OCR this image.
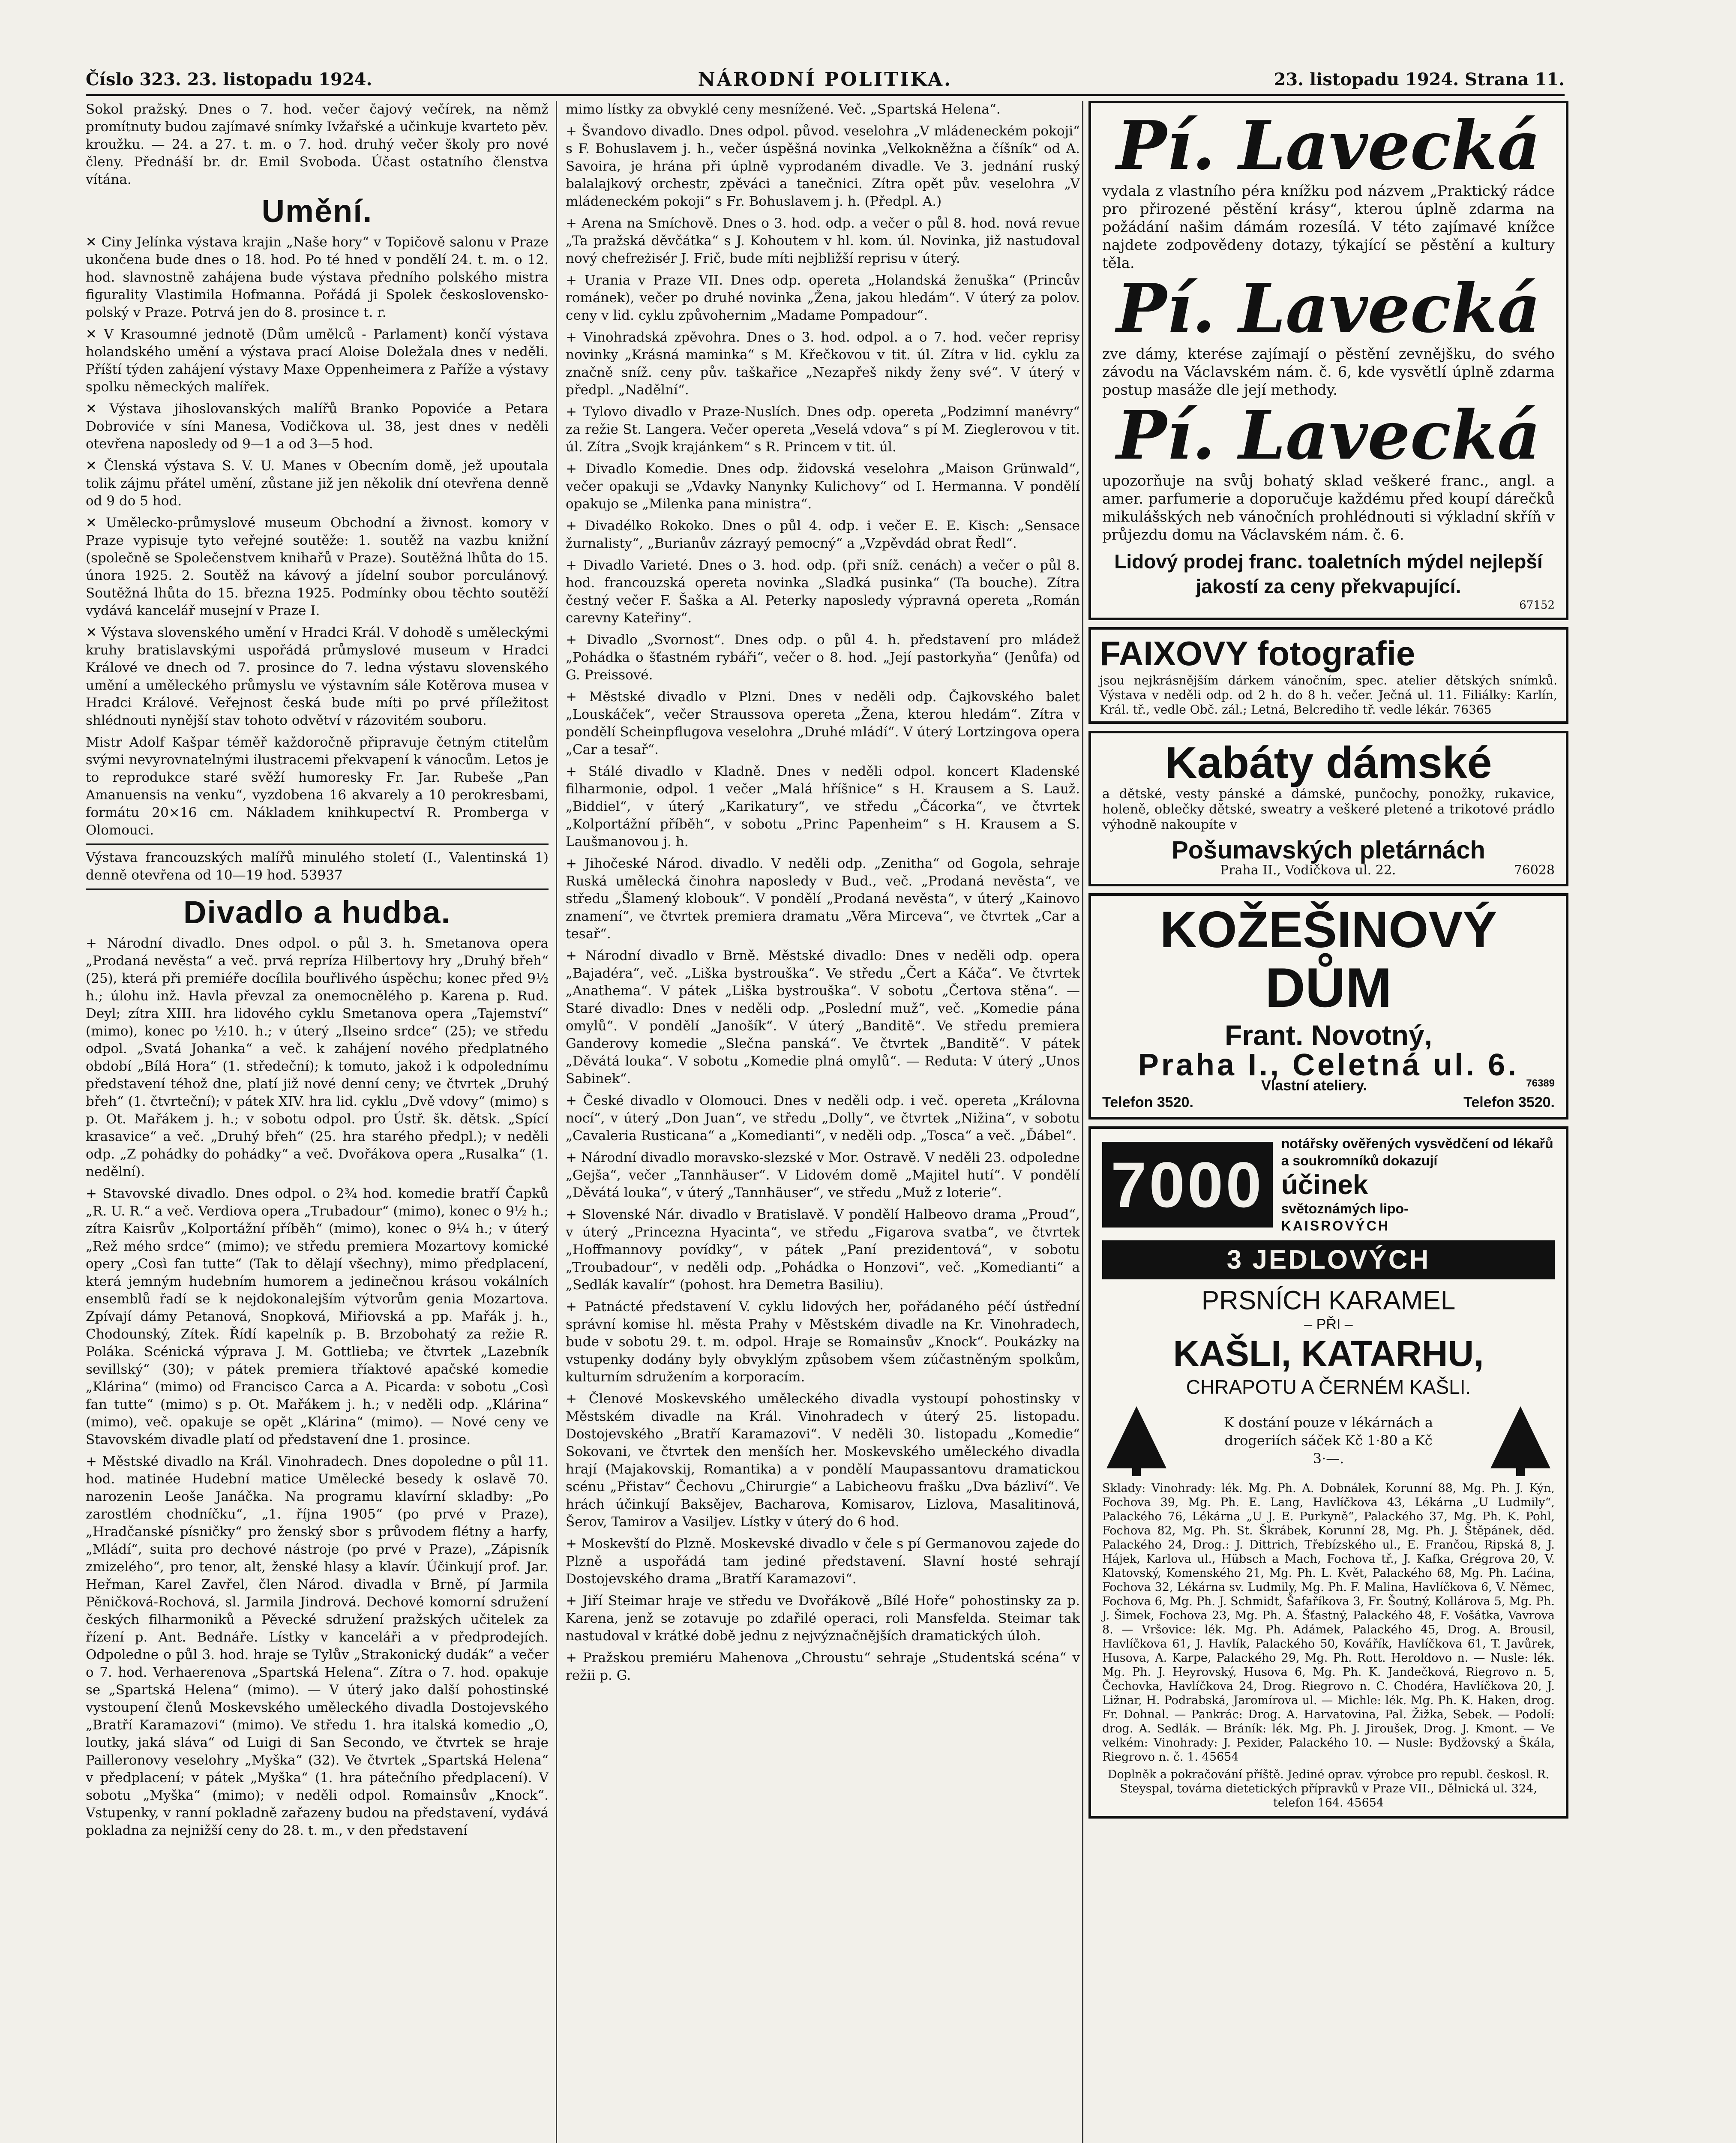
Číslo 323. 23. listopadu 1924.	NÁRODNÍ POLITIKA.	23. listopadu 1924. Strana 11.

Sokol pražský. Dnes o 7. hod. večer čajový večírek, na němž promítnuty budou zajímavé snímky Ivžařské a učinkuje kvarteto pěv. kroužku. — 24. a 27. t. m. o 7. hod. druhý večer školy pro nové členy. Přednáší br. dr. Emil Svoboda. Účast ostatního členstva vítána.

Umění.

✕ Ciny Jelínka výstava krajin „Naše hory“ v Topičově salonu v Praze ukončena bude dnes o 18. hod. Po té hned v pondělí 24. t. m. o 12. hod. slavnostně zahájena bude výstava předního polského mistra figurality Vlastimila Hofmanna. Pořádá ji Spolek československo-polský v Praze. Potrvá jen do 8. prosince t. r.

✕ V Krasoumné jednotě (Dům umělců - Parlament) končí výstava holandského umění a výstava prací Aloise Doležala dnes v neděli. Příští týden zahájení výstavy Maxe Oppenheimera z Paříže a výstavy spolku německých malířek.

✕ Výstava jihoslovanských malířů Branko Popoviće a Petara Dobroviće v síni Manesa, Vodičkova ul. 38, jest dnes v neděli otevřena naposledy od 9—1 a od 3—5 hod.

✕ Členská výstava S. V. U. Manes v Obecním domě, jež upoutala tolik zájmu přátel umění, zůstane již jen několik dní otevřena denně od 9 do 5 hod.

✕ Umělecko-průmyslové museum Obchodní a živnost. komory v Praze vypisuje tyto veřejné soutěže: 1. soutěž na vazbu knižní (společně se Společenstvem knihařů v Praze). Soutěžná lhůta do 15. února 1925. 2. Soutěž na kávový a jídelní soubor porculánový. Soutěžná lhůta do 15. března 1925. Podmínky obou těchto soutěží vydává kancelář musejní v Praze I.

✕ Výstava slovenského umění v Hradci Král. V dohodě s uměleckými kruhy bratislavskými uspořádá průmyslové museum v Hradci Králové ve dnech od 7. prosince do 7. ledna výstavu slovenského umění a uměleckého průmyslu ve výstavním sále Kotěrova musea v Hradci Králové. Veřejnost česká bude míti po prvé příležitost shlédnouti nynější stav tohoto odvětví v rázovitém souboru.

Mistr Adolf Kašpar téměř každoročně připravuje četným ctitelům svými nevyrovnatelnými ilustracemi překvapení k vánocům. Letos je to reprodukce staré svěží humoresky Fr. Jar. Rubeše „Pan Amanuensis na venku“, vyzdobena 16 akvarely a 10 perokresbami, formátu 20×16 cm. Nákladem knihkupectví R. Promberga v Olomouci.

Výstava francouzských malířů minulého století (I., Valentinská 1) denně otevřena od 10—19 hod. 53937

Divadlo a hudba.

+ Národní divadlo. Dnes odpol. o půl 3. h. Smetanova opera „Prodaná nevěsta“ a več. prvá repríza Hilbertovy hry „Druhý břeh“ (25), která při premiéře docílila bouřlivého úspěchu; konec před 9½ h.; úlohu inž. Havla převzal za onemocnělého p. Karena p. Rud. Deyl; zítra XIII. hra lidového cyklu Smetanova opera „Tajemství“ (mimo), konec po ½10. h.; v úterý „Ilseino srdce“ (25); ve středu odpol. „Svatá Johanka“ a več. k zahájení nového předplatného období „Bílá Hora“ (1. středeční); k tomuto, jakož i k odpolednímu představení téhož dne, platí již nové denní ceny; ve čtvrtek „Druhý břeh“ (1. čtvrteční); v pátek XIV. hra lid. cyklu „Dvě vdovy“ (mimo) s p. Ot. Mařákem j. h.; v sobotu odpol. pro Ústř. šk. dětsk. „Spící krasavice“ a več. „Druhý břeh“ (25. hra starého předpl.); v neděli odp. „Z pohádky do pohádky“ a več. Dvořákova opera „Rusalka“ (1. nedělní).

+ Stavovské divadlo. Dnes odpol. o 2¾ hod. komedie bratří Čapků „R. U. R.“ a več. Verdiova opera „Trubadour“ (mimo), konec o 9½ h.; zítra Kaisrův „Kolportážní příběh“ (mimo), konec o 9¼ h.; v úterý „Rež mého srdce“ (mimo); ve středu premiera Mozartovy komické opery „Così fan tutte“ (Tak to dělají všechny), mimo předplacení, která jemným hudebním humorem a jedinečnou krásou vokálních ensemblů řadí se k nejdokonalejším výtvorům genia Mozartova. Zpívají dámy Petanová, Snopková, Miřiovská a pp. Mařák j. h., Chodounský, Zítek. Řídí kapelník p. B. Brzobohatý za režie R. Poláka. Scénická výprava J. M. Gottlieba; ve čtvrtek „Lazebník sevillský“ (30); v pátek premiera tříaktové apačské komedie „Klárina“ (mimo) od Francisco Carca a A. Picarda: v sobotu „Così fan tutte“ (mimo) s p. Ot. Mařákem j. h.; v neděli odp. „Klárina“ (mimo), več. opakuje se opět „Klárina“ (mimo). — Nové ceny ve Stavovském divadle platí od představení dne 1. prosince.

+ Městské divadlo na Král. Vinohradech. Dnes dopoledne o půl 11. hod. matinée Hudební matice Umělecké besedy k oslavě 70. narozenin Leoše Janáčka. Na programu klavírní skladby: „Po zarostlém chodníčku“, „1. října 1905“ (po prvé v Praze), „Hradčanské písničky“ pro ženský sbor s průvodem flétny a harfy, „Mládí“, suita pro dechové nástroje (po prvé v Praze), „Zápisník zmizelého“, pro tenor, alt, ženské hlasy a klavír. Účinkují prof. Jar. Heřman, Karel Zavřel, člen Národ. divadla v Brně, pí Jarmila Pěničková-Rochová, sl. Jarmila Jindrová. Dechové komorní sdružení českých filharmoniků a Pěvecké sdružení pražských učitelek za řízení p. Ant. Bednáře. Lístky v kanceláři a v předprodejích. Odpoledne o půl 3. hod. hraje se Tylův „Strakonický dudák“ a večer o 7. hod. Verhaerenova „Spartská Helena“. Zítra o 7. hod. opakuje se „Spartská Helena“ (mimo). — V úterý jako další pohostinské vystoupení členů Moskevského uměleckého divadla Dostojevského „Bratří Karamazovi“ (mimo). Ve středu 1. hra italská komedio „O, loutky, jaká sláva“ od Luigi di San Secondo, ve čtvrtek se hraje Pailleronovy veselohry „Myška“ (32). Ve čtvrtek „Spartská Helena“ v předplacení; v pátek „Myška“ (1. hra pátečního předplacení). V sobotu „Myška“ (mimo); v neděli odpol. Romainsův „Knock“. Vstupenky, v ranní pokladně zařazeny budou na představení, vydává pokladna za nejnižší ceny do 28. t. m., v den představení

mimo lístky za obvyklé ceny mesnížené. Več. „Spartská Helena“.

+ Švandovo divadlo. Dnes odpol. původ. veselohra „V mládeneckém pokoji“ s F. Bohuslavem j. h., večer úspěšná novinka „Velkokněžna a číšník“ od A. Savoira, je hrána při úplně vyprodaném divadle. Ve 3. jednání ruský balalajkový orchestr, zpěváci a tanečnici. Zítra opět pův. veselohra „V mládeneckém pokoji“ s Fr. Bohuslavem j. h. (Předpl. A.)

+ Arena na Smíchově. Dnes o 3. hod. odp. a večer o půl 8. hod. nová revue „Ta pražská děvčátka“ s J. Kohoutem v hl. kom. úl. Novinka, již nastudoval nový chefreżisér J. Frič, bude míti nejbližší reprisu v úterý.

+ Urania v Praze VII. Dnes odp. opereta „Holandská ženuška“ (Princův románek), večer po druhé novinka „Žena, jakou hledám“. V úterý za polov. ceny v lid. cyklu způvohernim „Madame Pompadour“.

+ Vinohradská zpěvohra. Dnes o 3. hod. odpol. a o 7. hod. večer reprisy novinky „Krásná maminka“ s M. Křečkovou v tit. úl. Zítra v lid. cyklu za značně sníž. ceny pův. taškařice „Nezapřeš nikdy ženy své“. V úterý v předpl. „Nadělní“.

+ Tylovo divadlo v Praze-Nuslích. Dnes odp. opereta „Podzimní manévry“ za režie St. Langera. Večer opereta „Veselá vdova“ s pí M. Zieglerovou v tit. úl. Zítra „Svojk krajánkem“ s R. Princem v tit. úl.

+ Divadlo Komedie. Dnes odp. židovská veselohra „Maison Grünwald“, večer opakuji se „Vdavky Nanynky Kulichovy“ od I. Hermanna. V pondělí opakujo se „Milenka pana ministra“.

+ Divadélko Rokoko. Dnes o půl 4. odp. i večer E. E. Kisch: „Sensace žurnalisty“, „Burianův zázrayý pemocný“ a „Vzpěvdád obrat Ředl“.

+ Divadlo Varieté. Dnes o 3. hod. odp. (při sníž. cenách) a večer o půl 8. hod. francouzská opereta novinka „Sladká pusinka“ (Ta bouche). Zítra čestný večer F. Šaška a Al. Peterky naposledy výpravná opereta „Román carevny Kateřiny“.

+ Divadlo „Svornost“. Dnes odp. o půl 4. h. představení pro mládež „Pohádka o šťastném rybáři“, večer o 8. hod. „Její pastorkyňa“ (Jenůfa) od G. Preissové.

+ Městské divadlo v Plzni. Dnes v neděli odp. Čajkovského balet „Louskáček“, večer Straussova opereta „Žena, kterou hledám“. Zítra v pondělí Scheinpflugova veselohra „Druhé mládí“. V úterý Lortzingova opera „Car a tesař“.

+ Stálé divadlo v Kladně. Dnes v neděli odpol. koncert Kladenské filharmonie, odpol. 1 večer „Malá hříšnice“ s H. Krausem a S. Lauž. „Biddiel“, v úterý „Karikatury“, ve středu „Čácorka“, ve čtvrtek „Kolportážní příběh“, v sobotu „Princ Papenheim“ s H. Krausem a S. Laušmanovou j. h.

+ Jihočeské Národ. divadlo. V neděli odp. „Zenitha“ od Gogola, sehraje Ruská umělecká činohra naposledy v Bud., več. „Prodaná nevěsta“, ve středu „Šlamený klobouk“. V pondělí „Prodaná nevěsta“, v úterý „Kainovo znamení“, ve čtvrtek premiera dramatu „Věra Mirceva“, ve čtvrtek „Car a tesař“.

+ Národní divadlo v Brně. Městské divadlo: Dnes v neděli odp. opera „Bajadéra“, več. „Liška bystrouška“. Ve středu „Čert a Káča“. Ve čtvrtek „Anathema“. V pátek „Liška bystrouška“. V sobotu „Čertova stěna“. — Staré divadlo: Dnes v neděli odp. „Poslední muž“, več. „Komedie pána omylů“. V pondělí „Janošík“. V úterý „Banditě“. Ve středu premiera Ganderovy komedie „Slečna panská“. Ve čtvrtek „Banditě“. V pátek „Děvátá louka“. V sobotu „Komedie plná omylů“. — Reduta: V úterý „Unos Sabinek“.

+ České divadlo v Olomouci. Dnes v neděli odp. i več. opereta „Královna nocí“, v úterý „Don Juan“, ve středu „Dolly“, ve čtvrtek „Nižina“, v sobotu „Cavaleria Rusticana“ a „Komedianti“, v neděli odp. „Tosca“ a več. „Ďábel“.

+ Národní divadlo moravsko-slezské v Mor. Ostravě. V neděli 23. odpoledne „Gejša“, večer „Tannhäuser“. V Lidovém domě „Majitel hutí“. V pondělí „Děvátá louka“, v úterý „Tannhäuser“, ve středu „Muž z loterie“.

+ Slovenské Nár. divadlo v Bratislavě. V pondělí Halbeovo drama „Proud“, v úterý „Princezna Hyacinta“, ve středu „Figarova svatba“, ve čtvrtek „Hoffmannovy povídky“, v pátek „Paní prezidentová“, v sobotu „Troubadour“, v neděli odp. „Pohádka o Honzovi“, več. „Komedianti“ a „Sedlák kavalír“ (pohost. hra Demetra Basiliu).

+ Patnácté představení V. cyklu lidových her, pořádaného péčí ústřední správní komise hl. města Prahy v Městském divadle na Kr. Vinohradech, bude v sobotu 29. t. m. odpol. Hraje se Romainsův „Knock“. Poukázky na vstupenky dodány byly obvyklým způsobem všem zúčastněným spolkům, kulturním sdružením a korporacím.

+ Členové Moskevského uměleckého divadla vystoupí pohostinsky v Městském divadle na Král. Vinohradech v úterý 25. listopadu. Dostojevského „Bratří Karamazovi“. V neděli 30. listopadu „Komedie“ Sokovani, ve čtvrtek den menších her. Moskevského uměleckého divadla hrají (Majakovskij, Romantika) a v pondělí Maupassantovu dramatickou scénu „Přistav“ Čechovu „Chirurgie“ a Labicheovu frašku „Dva bázliví“. Ve hrách účinkují Baksějev, Bacharova, Komisarov, Lizlova, Masalitinová, Šerov, Tamirov a Vasiljev. Lístky v úterý do 6 hod.

+ Moskevští do Plzně. Moskevské divadlo v čele s pí Germanovou zajede do Plzně a uspořádá tam jediné představení. Slavní hosté sehrají Dostojevského drama „Bratří Karamazovi“.

+ Jiří Steimar hraje ve středu ve Dvořákově „Bílé Hoře“ pohostinsky za p. Karena, jenž se zotavuje po zdařilé operaci, roli Mansfelda. Steimar tak nastudoval v krátké době jednu z nejvýznačnějších dramatických úloh.

+ Pražskou premiéru Mahenova „Chroustu“ sehraje „Studentská scéna“ v režii p. G.

Pí. Lavecká
vydala z vlastního péra knížku pod názvem „Praktický rádce pro přirozené pěstění krásy“, kterou úplně zdarma na požádání našim dámám rozesílá. V této zajímavé knížce najdete zodpovědeny dotazy, týkající se pěstění a kultury těla.
Pí. Lavecká
zve dámy, kterése zajímají o pěstění zevnějšku, do svého závodu na Václavském nám. č. 6, kde vysvětlí úplně zdarma postup masáže dle její methody.
Pí. Lavecká
upozorňuje na svůj bohatý sklad veškeré franc., angl. a amer. parfumerie a doporučuje každému před koupí dárečků mikulášských neb vánočních prohlédnouti si výkladní skříň v průjezdu domu na Václavském nám. č. 6.
Lidový prodej franc. toaletních mýdel nejlepší jakostí za ceny překvapující.
67152
FAIXOVY fotografie
jsou nejkrásnějším dárkem vánočním, spec. atelier dětských snímků. Výstava v neděli odp. od 2 h. do 8 h. večer. Ječná ul. 11. Filiálky: Karlín, Král. tř., vedle Obč. zál.; Letná, Belcrediho tř. vedle lékár. 76365
Kabáty dámské
a dětské, vesty pánské a dámské, punčochy, ponožky, rukavice, holeně, oblečky dětské, sweatry a veškeré pletené a trikotové prádlo výhodně nakoupíte v
Pošumavských pletárnách
Praha II., Vodičkova ul. 22.	76028
KOŽEŠINOVÝ
DŮM
Frant. Novotný,
Praha I., Celetná ul. 6.
Vlastní ateliery.	76389
Telefon 3520.	Telefon 3520.
7000
notářsky ověřených vysvědčení od lékařů a soukromníků dokazují
účinek
světoznámých lipo-
KAISROVÝCH
3 JEDLOVÝCH
PRSNÍCH KARAMEL
– PŘI –
KAŠLI, KATARHU,
CHRAPOTU A ČERNÉM KAŠLI.
K dostání pouze v lékárnách a drogeriích sáček Kč 1·80 a Kč 3·—.
Sklady: Vinohrady: lék. Mg. Ph. A. Dobnálek, Korunní 88, Mg. Ph. J. Kýn, Fochova 39, Mg. Ph. E. Lang, Havlíčkova 43, Lékárna „U Ludmily“, Palackého 76, Lékárna „U J. E. Purkyně“, Palackého 37, Mg. Ph. K. Pohl, Fochova 82, Mg. Ph. St. Škrábek, Korunní 28, Mg. Ph. J. Štěpánek, děd. Palackého 24, Drog.: J. Dittrich, Třebízského ul., E. Frančou, Ripská 8, J. Hájek, Karlova ul., Hübsch a Mach, Fochova tř., J. Kafka, Grégrova 20, V. Klatovský, Komenského 21, Mg. Ph. L. Květ, Palackého 68, Mg. Ph. Laćina, Fochova 32, Lékárna sv. Ludmily, Mg. Ph. F. Malina, Havlíčkova 6, V. Němec, Fochova 6, Mg. Ph. J. Schmidt, Šafaříkova 3, Fr. Šoutný, Kollárova 5, Mg. Ph. J. Šimek, Fochova 23, Mg. Ph. A. Šťastný, Palackého 48, F. Vošátka, Vavrova 8. — Vršovice: lék. Mg. Ph. Adámek, Palackého 45, Drog. A. Brousil, Havlíčkova 61, J. Havlík, Palackého 50, Kovářík, Havlíčkova 61, T. Javůrek, Husova, A. Karpe, Palackého 29, Mg. Ph. Rott. Heroldovo n. — Nusle: lék. Mg. Ph. J. Heyrovský, Husova 6, Mg. Ph. K. Jandečková, Riegrovo n. 5, Čechovka, Havlíčkova 24, Drog. Riegrovo n. C. Chodéra, Havlíčkova 20, J. Ližnar, H. Podrabská, Jaromírova ul. — Michle: lék. Mg. Ph. K. Haken, drog. Fr. Dohnal. — Pankrác: Drog. A. Harvatovina, Pal. Žižka, Sebek. — Podolí: drog. A. Sedlák. — Bráník: lék. Mg. Ph. J. Jiroušek, Drog. J. Kmont. — Ve velkém: Vinohrady: J. Pexider, Palackého 10. — Nusle: Bydžovský a Škála, Riegrovo n. č. 1. 45654
Doplněk a pokračování příště. Jediné oprav. výrobce pro republ. českosl. R. Steyspal, továrna dietetických přípravků v Praze VII., Dělnická ul. 324, telefon 164. 45654
